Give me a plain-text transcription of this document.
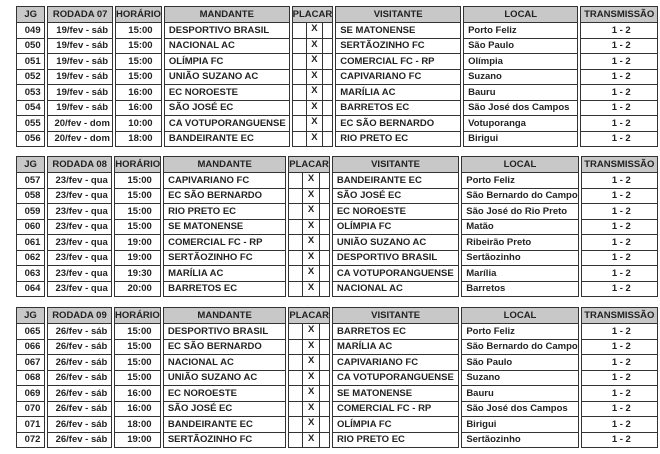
JG	RODADA 07	HORÁRIO	MANDANTE	PLACAR	VISITANTE	LOCAL	TRANSMISSÃO
049	19/fev - sáb	15:00	DESPORTIVO BRASIL	X	SE MATONENSE	Porto Feliz	1 - 2
050	19/fev - sáb	15:00	NACIONAL AC	X	SERTÃOZINHO FC	São Paulo	1 - 2
051	19/fev - sáb	15:00	OLÍMPIA FC	X	COMERCIAL FC - RP	Olímpia	1 - 2
052	19/fev - sáb	15:00	UNIÃO SUZANO AC	X	CAPIVARIANO FC	Suzano	1 - 2
053	19/fev - sáb	16:00	EC NOROESTE	X	MARÍLIA AC	Bauru	1 - 2
054	19/fev - sáb	16:00	SÃO JOSÉ EC	X	BARRETOS EC	São José dos Campos	1 - 2
055	20/fev - dom	10:00	CA VOTUPORANGUENSE	X	EC SÃO BERNARDO	Votuporanga	1 - 2
056	20/fev - dom	18:00	BANDEIRANTE EC	X	RIO PRETO EC	Birigui	1 - 2
JG	RODADA 08	HORÁRIO	MANDANTE	PLACAR	VISITANTE	LOCAL	TRANSMISSÃO
057	23/fev - qua	15:00	CAPIVARIANO FC	X	BANDEIRANTE EC	Porto Feliz	1 - 2
058	23/fev - qua	15:00	EC SÃO BERNARDO	X	SÃO JOSÉ EC	São Bernardo do Campo	1 - 2
059	23/fev - qua	15:00	RIO PRETO EC	X	EC NOROESTE	São José do Rio Preto	1 - 2
060	23/fev - qua	15:00	SE MATONENSE	X	OLÍMPIA FC	Matão	1 - 2
061	23/fev - qua	19:00	COMERCIAL FC - RP	X	UNIÃO SUZANO AC	Ribeirão Preto	1 - 2
062	23/fev - qua	19:00	SERTÃOZINHO FC	X	DESPORTIVO BRASIL	Sertãozinho	1 - 2
063	23/fev - qua	19:30	MARÍLIA AC	X	CA VOTUPORANGUENSE	Marília	1 - 2
064	23/fev - qua	20:00	BARRETOS EC	X	NACIONAL AC	Barretos	1 - 2
JG	RODADA 09	HORÁRIO	MANDANTE	PLACAR	VISITANTE	LOCAL	TRANSMISSÃO
065	26/fev - sáb	15:00	DESPORTIVO BRASIL	X	BARRETOS EC	Porto Feliz	1 - 2
066	26/fev - sáb	15:00	EC SÃO BERNARDO	X	MARÍLIA AC	São Bernardo do Campo	1 - 2
067	26/fev - sáb	15:00	NACIONAL AC	X	CAPIVARIANO FC	São Paulo	1 - 2
068	26/fev - sáb	15:00	UNIÃO SUZANO AC	X	CA VOTUPORANGUENSE	Suzano	1 - 2
069	26/fev - sáb	16:00	EC NOROESTE	X	SE MATONENSE	Bauru	1 - 2
070	26/fev - sáb	16:00	SÃO JOSÉ EC	X	COMERCIAL FC - RP	São José dos Campos	1 - 2
071	26/fev - sáb	18:00	BANDEIRANTE EC	X	OLÍMPIA FC	Birigui	1 - 2
072	26/fev - sáb	19:00	SERTÃOZINHO FC	X	RIO PRETO EC	Sertãozinho	1 - 2
